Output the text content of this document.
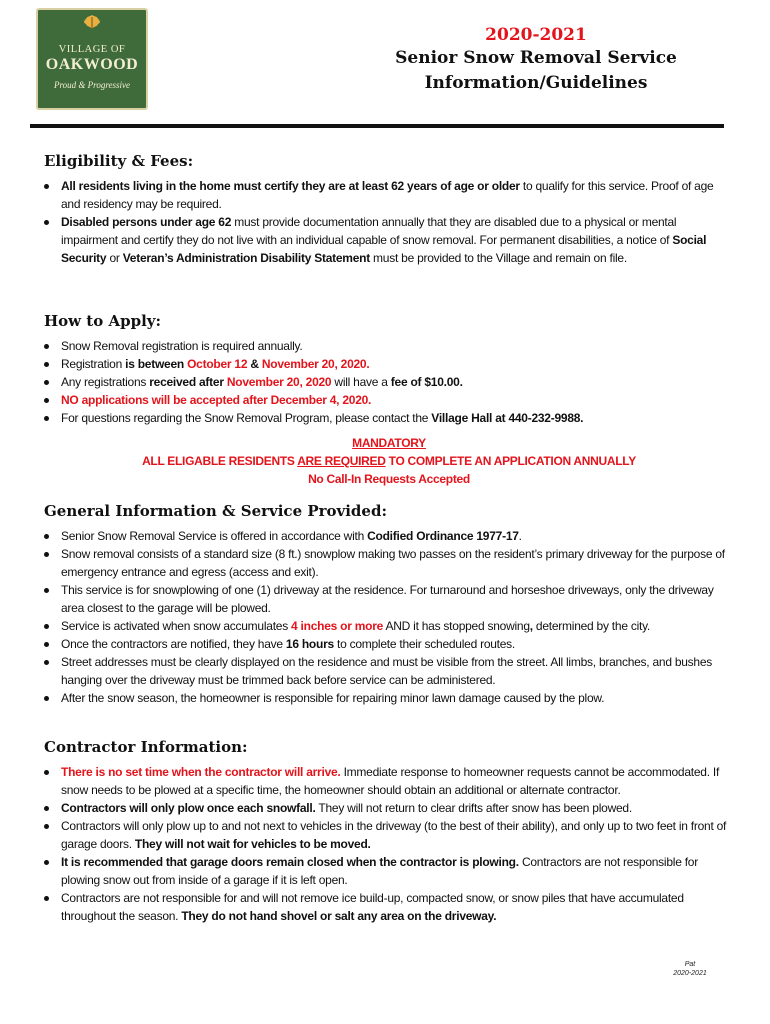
VILLAGE OF
OAKWOOD
Proud & Progressive
2020-2021
Senior Snow Removal Service
Information/Guidelines
Eligibility & Fees:
All residents living in the home must certify they are at least 62 years of age or older to qualify for this service. Proof of age and residency may be required.
Disabled persons under age 62 must provide documentation annually that they are disabled due to a physical or mental impairment and certify they do not live with an individual capable of snow removal. For permanent disabilities, a notice of Social Security or Veteran’s Administration Disability Statement must be provided to the Village and remain on file.
How to Apply:
Snow Removal registration is required annually.
Registration is between October 12 & November 20, 2020.
Any registrations received after November 20, 2020 will have a fee of $10.00.
NO applications will be accepted after December 4, 2020.
For questions regarding the Snow Removal Program, please contact the Village Hall at 440-232-9988.
MANDATORY
ALL ELIGABLE RESIDENTS ARE REQUIRED TO COMPLETE AN APPLICATION ANNUALLY
No Call-In Requests Accepted
General Information & Service Provided:
Senior Snow Removal Service is offered in accordance with Codified Ordinance 1977-17.
Snow removal consists of a standard size (8 ft.) snowplow making two passes on the resident’s primary driveway for the purpose of emergency entrance and egress (access and exit).
This service is for snowplowing of one (1) driveway at the residence. For turnaround and horseshoe driveways, only the driveway area closest to the garage will be plowed.
Service is activated when snow accumulates 4 inches or more AND it has stopped snowing, determined by the city.
Once the contractors are notified, they have 16 hours to complete their scheduled routes.
Street addresses must be clearly displayed on the residence and must be visible from the street. All limbs, branches, and bushes hanging over the driveway must be trimmed back before service can be administered.
After the snow season, the homeowner is responsible for repairing minor lawn damage caused by the plow.
Contractor Information:
There is no set time when the contractor will arrive. Immediate response to homeowner requests cannot be accommodated. If snow needs to be plowed at a specific time, the homeowner should obtain an additional or alternate contractor.
Contractors will only plow once each snowfall. They will not return to clear drifts after snow has been plowed.
Contractors will only plow up to and not next to vehicles in the driveway (to the best of their ability), and only up to two feet in front of garage doors. They will not wait for vehicles to be moved.
It is recommended that garage doors remain closed when the contractor is plowing. Contractors are not responsible for plowing snow out from inside of a garage if it is left open.
Contractors are not responsible for and will not remove ice build-up, compacted snow, or snow piles that have accumulated throughout the season. They do not hand shovel or salt any area on the driveway.
Pat
2020-2021
